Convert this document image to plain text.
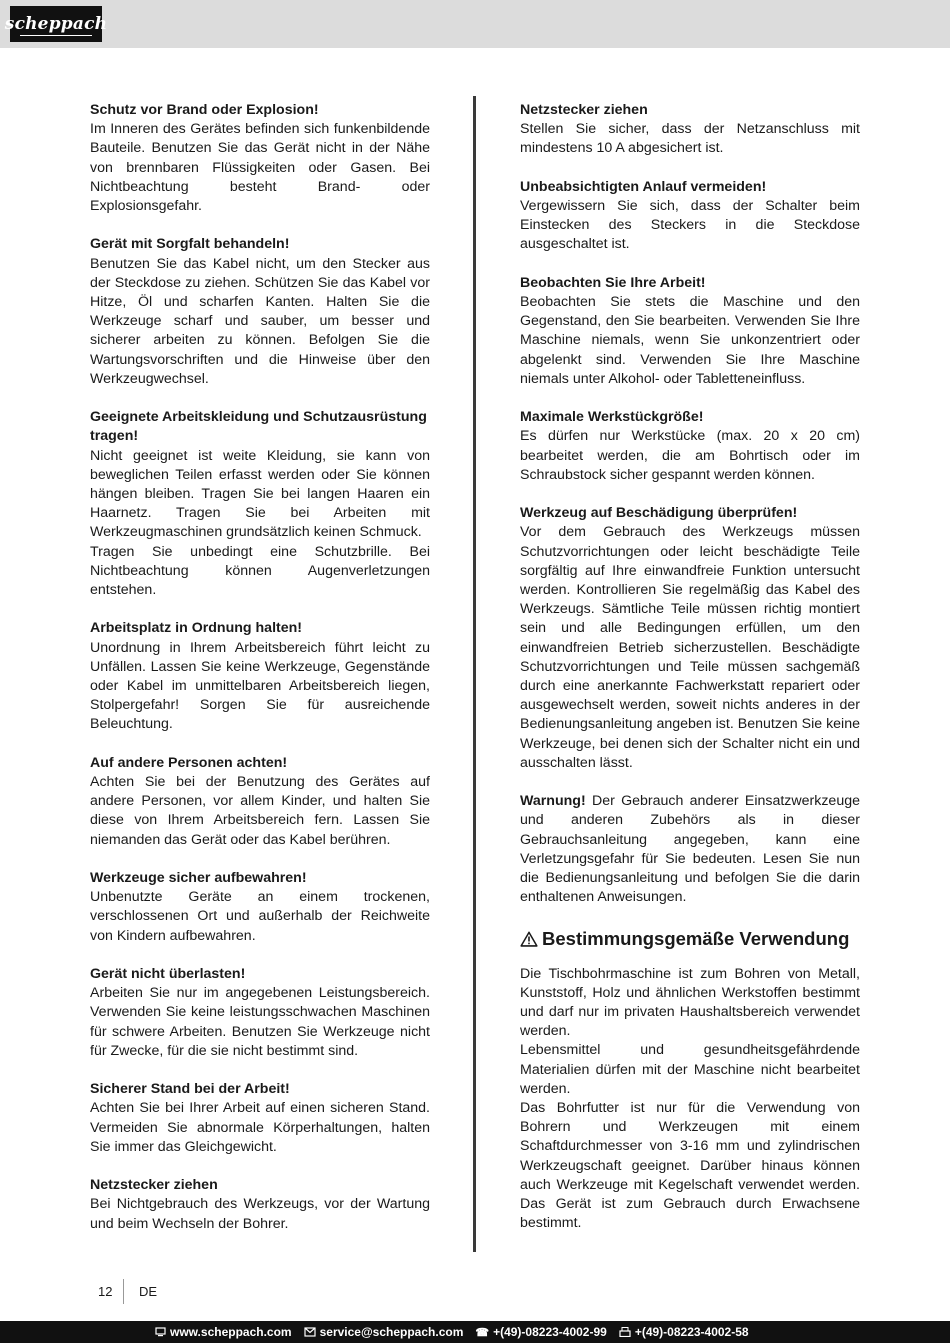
scheppach
Schutz vor Brand oder Explosion!

Im Inneren des Gerätes befinden sich funkenbildende Bauteile. Benutzen Sie das Gerät nicht in der Nähe von brennbaren Flüssigkeiten oder Gasen. Bei Nichtbeachtung besteht Brand- oder Explosionsgefahr.

Gerät mit Sorgfalt behandeln!

Benutzen Sie das Kabel nicht, um den Stecker aus der Steckdose zu ziehen. Schützen Sie das Kabel vor Hitze, Öl und scharfen Kanten. Halten Sie die Werkzeuge scharf und sauber, um besser und sicherer arbeiten zu können. Befolgen Sie die Wartungsvorschriften und die Hinweise über den Werkzeugwechsel.

Geeignete Arbeitskleidung und Schutzausrüstung tragen!

Nicht geeignet ist weite Kleidung, sie kann von beweglichen Teilen erfasst werden oder Sie können hängen bleiben. Tragen Sie bei langen Haaren ein Haarnetz. Tragen Sie bei Arbeiten mit Werkzeugmaschinen grundsätzlich keinen Schmuck.

Tragen Sie unbedingt eine Schutzbrille. Bei Nichtbeachtung können Augenverletzungen entstehen.

Arbeitsplatz in Ordnung halten!

Unordnung in Ihrem Arbeitsbereich führt leicht zu Unfällen. Lassen Sie keine Werkzeuge, Gegenstände oder Kabel im unmittelbaren Arbeitsbereich liegen, Stolpergefahr! Sorgen Sie für ausreichende Beleuchtung.

Auf andere Personen achten!

Achten Sie bei der Benutzung des Gerätes auf andere Personen, vor allem Kinder, und halten Sie diese von Ihrem Arbeitsbereich fern. Lassen Sie niemanden das Gerät oder das Kabel berühren.

Werkzeuge sicher aufbewahren!

Unbenutzte Geräte an einem trockenen, verschlossenen Ort und außerhalb der Reichweite von Kindern aufbewahren.

Gerät nicht überlasten!

Arbeiten Sie nur im angegebenen Leistungsbereich. Verwenden Sie keine leistungsschwachen Maschinen für schwere Arbeiten. Benutzen Sie Werkzeuge nicht für Zwecke, für die sie nicht bestimmt sind.

Sicherer Stand bei der Arbeit!

Achten Sie bei Ihrer Arbeit auf einen sicheren Stand. Vermeiden Sie abnormale Körperhaltungen, halten Sie immer das Gleichgewicht.

Netzstecker ziehen

Bei Nichtgebrauch des Werkzeugs, vor der Wartung und beim Wechseln der Bohrer.

Netzstecker ziehen

Stellen Sie sicher, dass der Netzanschluss mit mindestens 10 A abgesichert ist.

Unbeabsichtigten Anlauf vermeiden!

Vergewissern Sie sich, dass der Schalter beim Einstecken des Steckers in die Steckdose ausgeschaltet ist.

Beobachten Sie Ihre Arbeit!

Beobachten Sie stets die Maschine und den Gegenstand, den Sie bearbeiten. Verwenden Sie Ihre Maschine niemals, wenn Sie unkonzentriert oder abgelenkt sind. Verwenden Sie Ihre Maschine niemals unter Alkohol- oder Tabletteneinfluss.

Maximale Werkstückgröße!

Es dürfen nur Werkstücke (max. 20 x 20 cm) bearbeitet werden, die am Bohrtisch oder im Schraubstock sicher gespannt werden können.

Werkzeug auf Beschädigung überprüfen!

Vor dem Gebrauch des Werkzeugs müssen Schutzvorrichtungen oder leicht beschädigte Teile sorgfältig auf Ihre einwandfreie Funktion untersucht werden. Kontrollieren Sie regelmäßig das Kabel des Werkzeugs. Sämtliche Teile müssen richtig montiert sein und alle Bedingungen erfüllen, um den einwandfreien Betrieb sicherzustellen. Beschädigte Schutzvorrichtungen und Teile müssen sachgemäß durch eine anerkannte Fachwerkstatt repariert oder ausgewechselt werden, soweit nichts anderes in der Bedienungsanleitung angeben ist. Benutzen Sie keine Werkzeuge, bei denen sich der Schalter nicht ein und ausschalten lässt.

Warnung! Der Gebrauch anderer Einsatzwerkzeuge und anderen Zubehörs als in dieser Gebrauchsanleitung angegeben, kann eine Verletzungsgefahr für Sie bedeuten. Lesen Sie nun die Bedienungsanleitung und befolgen Sie die darin enthaltenen Anweisungen.

Bestimmungsgemäße Verwendung

Die Tischbohrmaschine ist zum Bohren von Metall, Kunststoff, Holz und ähnlichen Werkstoffen bestimmt und darf nur im privaten Haushaltsbereich verwendet werden.

Lebensmittel und gesundheitsgefährdende Materialien dürfen mit der Maschine nicht bearbeitet werden.

Das Bohrfutter ist nur für die Verwendung von Bohrern und Werkzeugen mit einem Schaftdurchmesser von 3-16 mm und zylindrischen Werkzeugschaft geeignet. Darüber hinaus können auch Werkzeuge mit Kegelschaft verwendet werden. Das Gerät ist zum Gebrauch durch Erwachsene bestimmt.

12 DE
www.scheppach.com service@scheppach.com ☎ +(49)-08223-4002-99 +(49)-08223-4002-58
